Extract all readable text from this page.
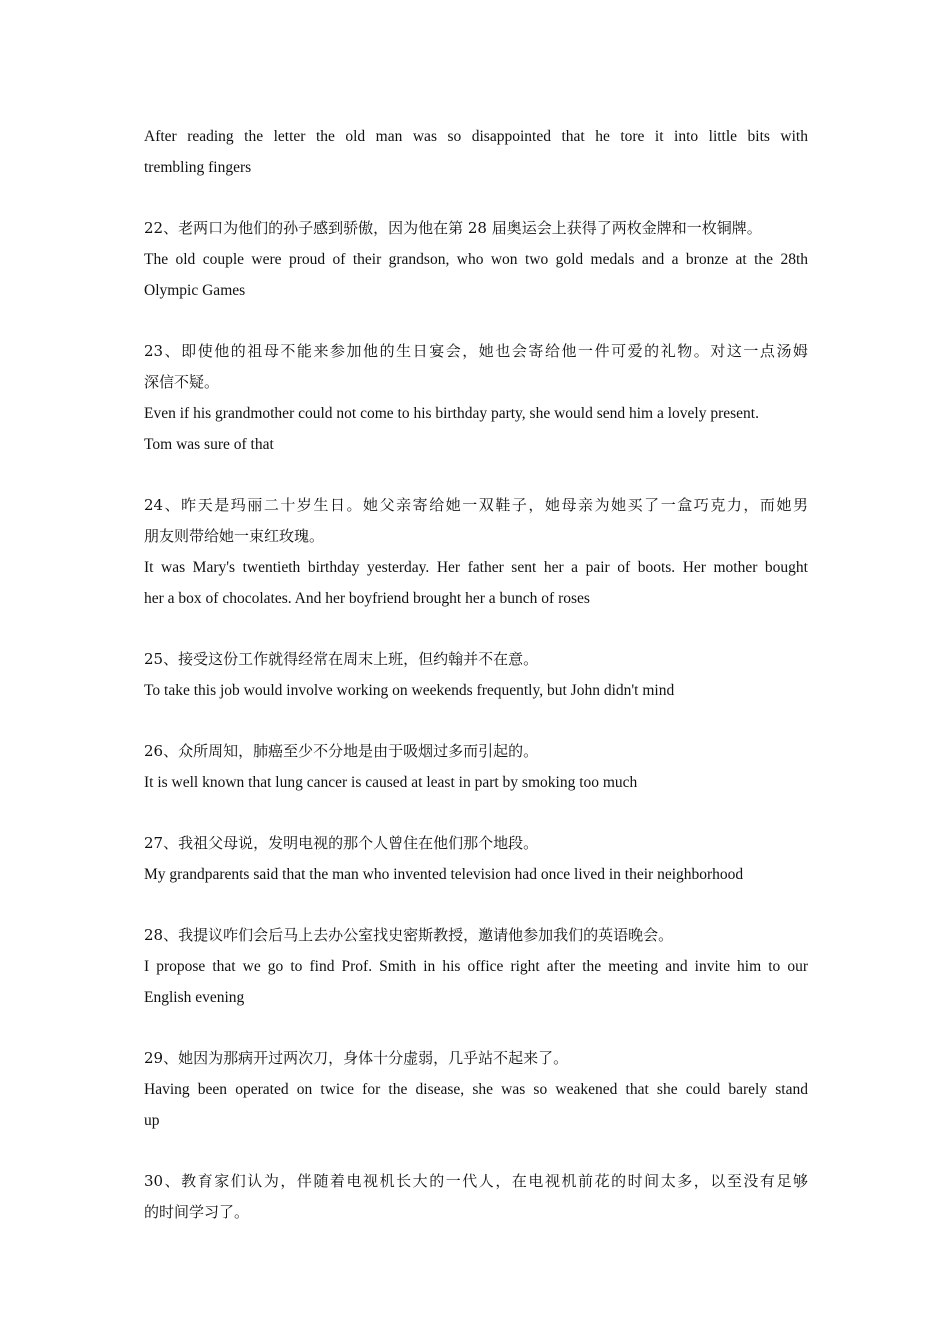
After reading the letter the old man was so disappointed that he tore it into little bits with
trembling fingers
22、老两口为他们的孙子感到骄傲，因为他在第 28 届奥运会上获得了两枚金牌和一枚铜牌。
The old couple were proud of their grandson, who won two gold medals and a bronze at the 28th
Olympic Games
23、即使他的祖母不能来参加他的生日宴会，她也会寄给他一件可爱的礼物。对这一点汤姆
深信不疑。
Even if his grandmother could not come to his birthday party, she would send him a lovely present.
Tom was sure of that
24、昨天是玛丽二十岁生日。她父亲寄给她一双鞋子，她母亲为她买了一盒巧克力，而她男
朋友则带给她一束红玫瑰。
It was Mary's twentieth birthday yesterday. Her father sent her a pair of boots. Her mother bought
her a box of chocolates. And her boyfriend brought her a bunch of roses
25、接受这份工作就得经常在周末上班，但约翰并不在意。
To take this job would involve working on weekends frequently, but John didn't mind
26、众所周知，肺癌至少不分地是由于吸烟过多而引起的。
It is well known that lung cancer is caused at least in part by smoking too much
27、我祖父母说，发明电视的那个人曾住在他们那个地段。
My grandparents said that the man who invented television had once lived in their neighborhood
28、我提议咋们会后马上去办公室找史密斯教授，邀请他参加我们的英语晚会。
I propose that we go to find Prof. Smith in his office right after the meeting and invite him to our
English evening
29、她因为那病开过两次刀，身体十分虚弱，几乎站不起来了。
Having been operated on twice for the disease, she was so weakened that she could barely stand
up
30、教育家们认为，伴随着电视机长大的一代人，在电视机前花的时间太多，以至没有足够
的时间学习了。
